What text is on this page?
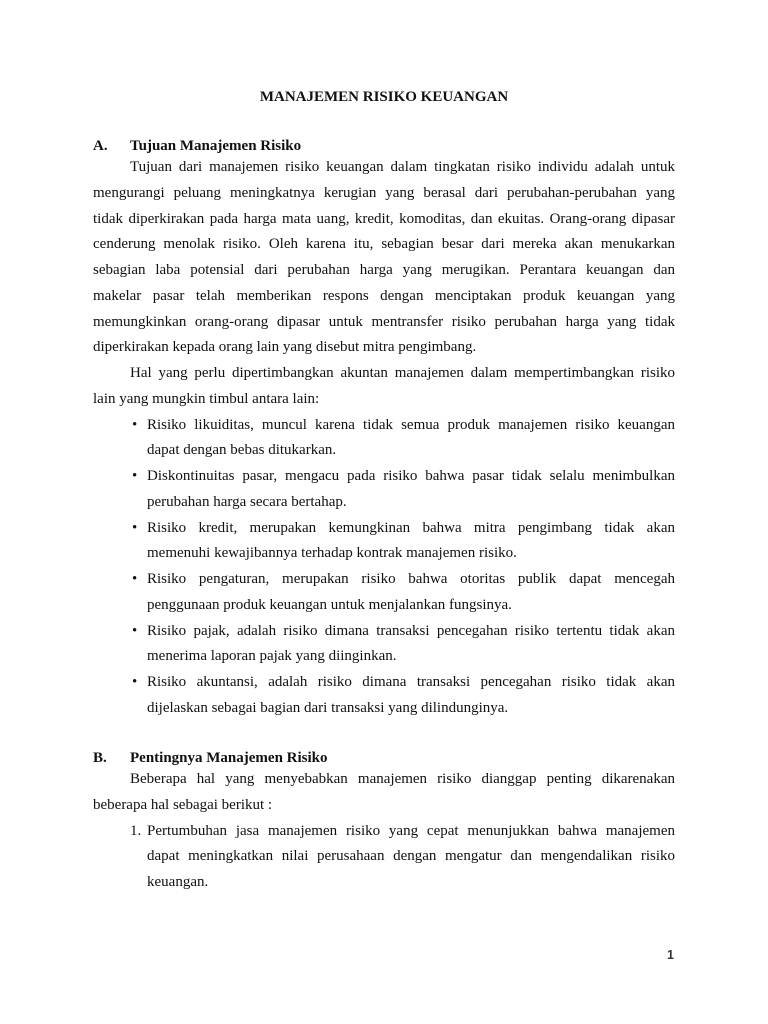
MANAJEMEN RISIKO KEUANGAN
A. Tujuan Manajemen Risiko
Tujuan dari manajemen risiko keuangan dalam tingkatan risiko individu adalah untuk
mengurangi peluang meningkatnya kerugian yang berasal dari perubahan-perubahan yang
tidak diperkirakan pada harga mata uang, kredit, komoditas, dan ekuitas. Orang-orang dipasar
cenderung menolak risiko. Oleh karena itu, sebagian besar dari mereka akan menukarkan
sebagian laba potensial dari perubahan harga yang merugikan. Perantara keuangan dan
makelar pasar telah memberikan respons dengan menciptakan produk keuangan yang
memungkinkan orang-orang dipasar untuk mentransfer risiko perubahan harga yang tidak
diperkirakan kepada orang lain yang disebut mitra pengimbang.
Hal yang perlu dipertimbangkan akuntan manajemen dalam mempertimbangkan risiko
lain yang mungkin timbul antara lain:
•
Risiko likuiditas, muncul karena tidak semua produk manajemen risiko keuangan
dapat dengan bebas ditukarkan.
•
Diskontinuitas pasar, mengacu pada risiko bahwa pasar tidak selalu menimbulkan
perubahan harga secara bertahap.
•
Risiko kredit, merupakan kemungkinan bahwa mitra pengimbang tidak akan
memenuhi kewajibannya terhadap kontrak manajemen risiko.
•
Risiko pengaturan, merupakan risiko bahwa otoritas publik dapat mencegah
penggunaan produk keuangan untuk menjalankan fungsinya.
•
Risiko pajak, adalah risiko dimana transaksi pencegahan risiko tertentu tidak akan
menerima laporan pajak yang diinginkan.
•
Risiko akuntansi, adalah risiko dimana transaksi pencegahan risiko tidak akan
dijelaskan sebagai bagian dari transaksi yang dilindunginya.
B. Pentingnya Manajemen Risiko
Beberapa hal yang menyebabkan manajemen risiko dianggap penting dikarenakan
beberapa hal sebagai berikut :
1. Pertumbuhan jasa manajemen risiko yang cepat menunjukkan bahwa manajemen
dapat meningkatkan nilai perusahaan dengan mengatur dan mengendalikan risiko
keuangan.
1
